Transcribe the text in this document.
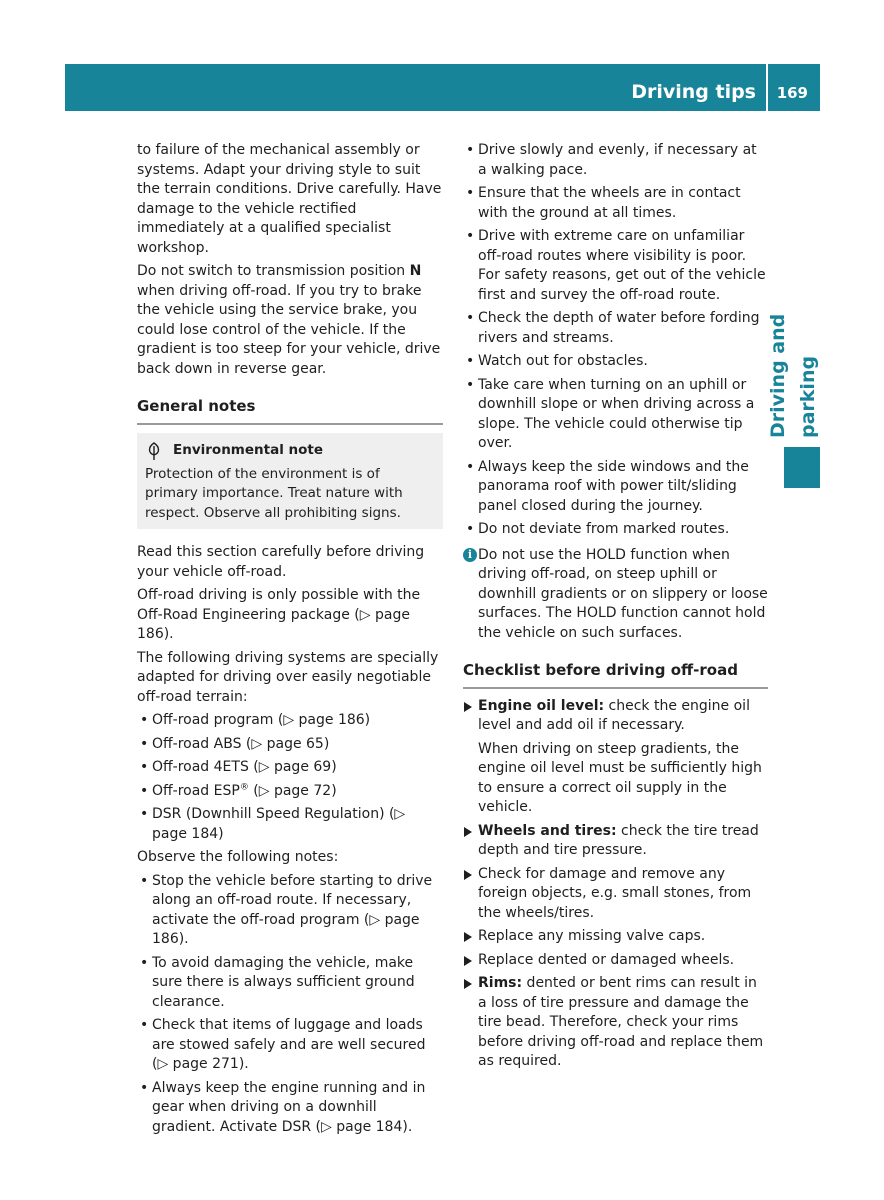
Driving tips 169
Driving and parking

to failure of the mechanical assembly or systems. Adapt your driving style to suit the terrain conditions. Drive carefully. Have damage to the vehicle rectified immediately at a qualified specialist workshop.

Do not switch to transmission position N when driving off-road. If you try to brake the vehicle using the service brake, you could lose control of the vehicle. If the gradient is too steep for your vehicle, drive back down in reverse gear.

General notes
Environmental note
Protection of the environment is of primary importance. Treat nature with respect. Observe all prohibiting signs.

Read this section carefully before driving your vehicle off-road.

Off-road driving is only possible with the Off-Road Engineering package (▷ page 186).

The following driving systems are specially adapted for driving over easily negotiable off-road terrain:

• Off-road program (▷ page 186)
• Off-road ABS (▷ page 65)
• Off-road 4ETS (▷ page 69)
• Off-road ESP® (▷ page 72)
• DSR (Downhill Speed Regulation) (▷ page 184)

Observe the following notes:

• Stop the vehicle before starting to drive along an off-road route. If necessary, activate the off-road program (▷ page 186).
• To avoid damaging the vehicle, make sure there is always sufficient ground clearance.
• Check that items of luggage and loads are stowed safely and are well secured (▷ page 271).
• Always keep the engine running and in gear when driving on a downhill gradient. Activate DSR (▷ page 184).
• Drive slowly and evenly, if necessary at a walking pace.
• Ensure that the wheels are in contact with the ground at all times.
• Drive with extreme care on unfamiliar off-road routes where visibility is poor. For safety reasons, get out of the vehicle first and survey the off-road route.
• Check the depth of water before fording rivers and streams.
• Watch out for obstacles.
• Take care when turning on an uphill or downhill slope or when driving across a slope. The vehicle could otherwise tip over.
• Always keep the side windows and the panorama roof with power tilt/sliding panel closed during the journey.
• Do not deviate from marked routes.
i Do not use the HOLD function when driving off-road, on steep uphill or downhill gradients or on slippery or loose surfaces. The HOLD function cannot hold the vehicle on such surfaces.
Checklist before driving off-road
Engine oil level: check the engine oil level and add oil if necessary.
When driving on steep gradients, the engine oil level must be sufficiently high to ensure a correct oil supply in the vehicle.
Wheels and tires: check the tire tread depth and tire pressure.
Check for damage and remove any foreign objects, e.g. small stones, from the wheels/tires.
Replace any missing valve caps.
Replace dented or damaged wheels.
Rims: dented or bent rims can result in a loss of tire pressure and damage the tire bead. Therefore, check your rims before driving off-road and replace them as required.
